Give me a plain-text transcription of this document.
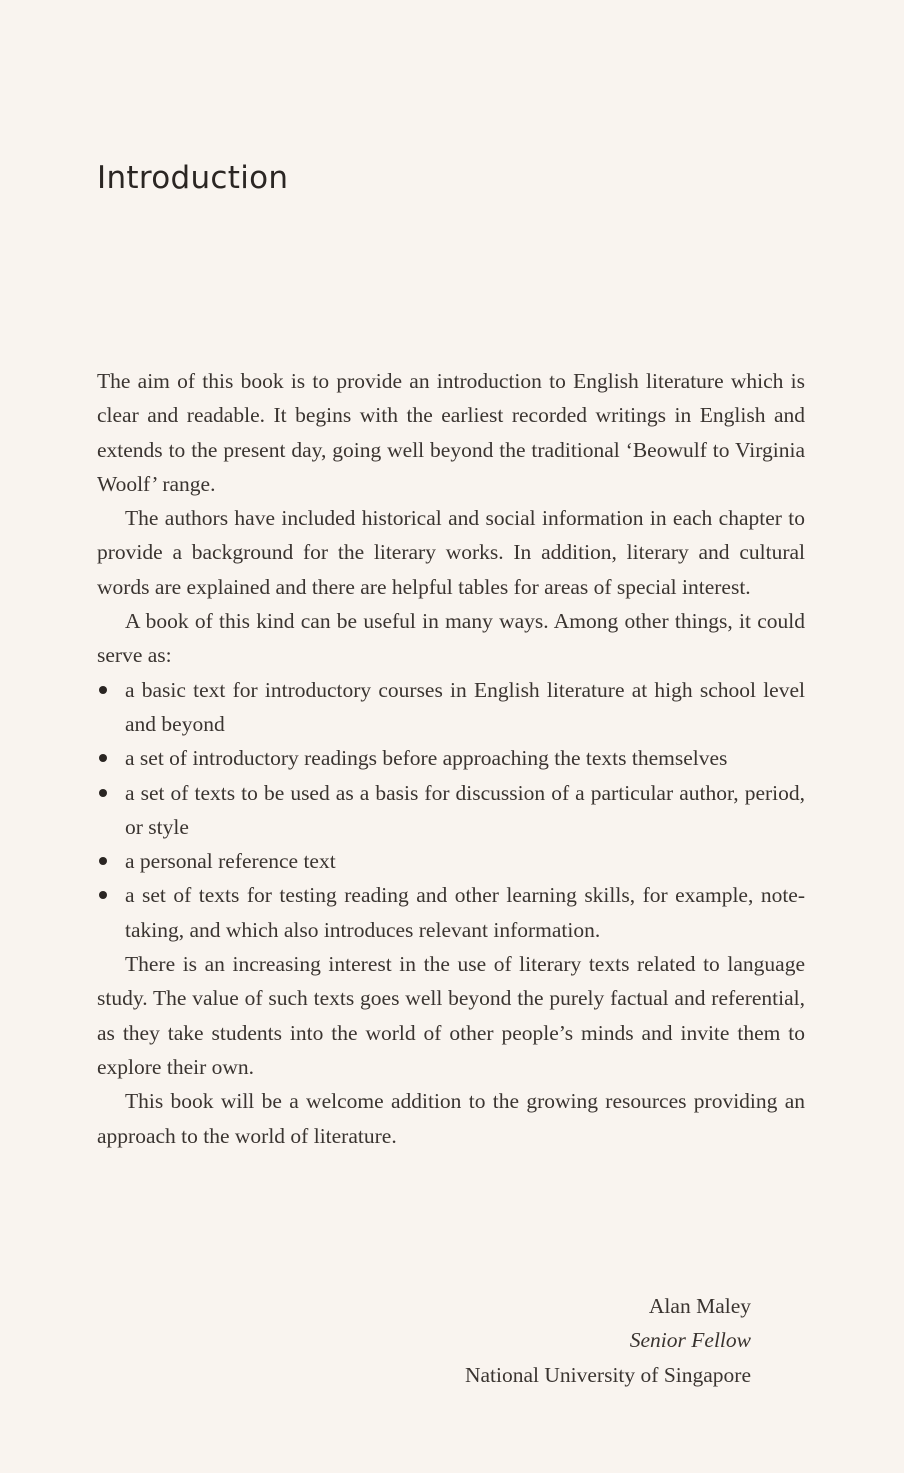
Introduction

The aim of this book is to provide an introduction to English literature which is clear and readable. It begins with the earliest recorded writings in English and extends to the present day, going well beyond the traditional ‘Beowulf to Virginia Woolf’ range.

The authors have included historical and social information in each chapter to provide a background for the literary works. In addition, literary and cultural words are explained and there are helpful tables for areas of special interest.

A book of this kind can be useful in many ways. Among other things, it could serve as:

a basic text for introductory courses in English literature at high school level and beyond
a set of introductory readings before approaching the texts themselves
a set of texts to be used as a basis for discussion of a particular author, period, or style
a personal reference text
a set of texts for testing reading and other learning skills, for example, note-taking, and which also introduces relevant information.

There is an increasing interest in the use of literary texts related to language study. The value of such texts goes well beyond the purely factual and referential, as they take students into the world of other people’s minds and invite them to explore their own.

This book will be a welcome addition to the growing resources providing an approach to the world of literature.

Alan Maley
Senior Fellow
National University of Singapore
